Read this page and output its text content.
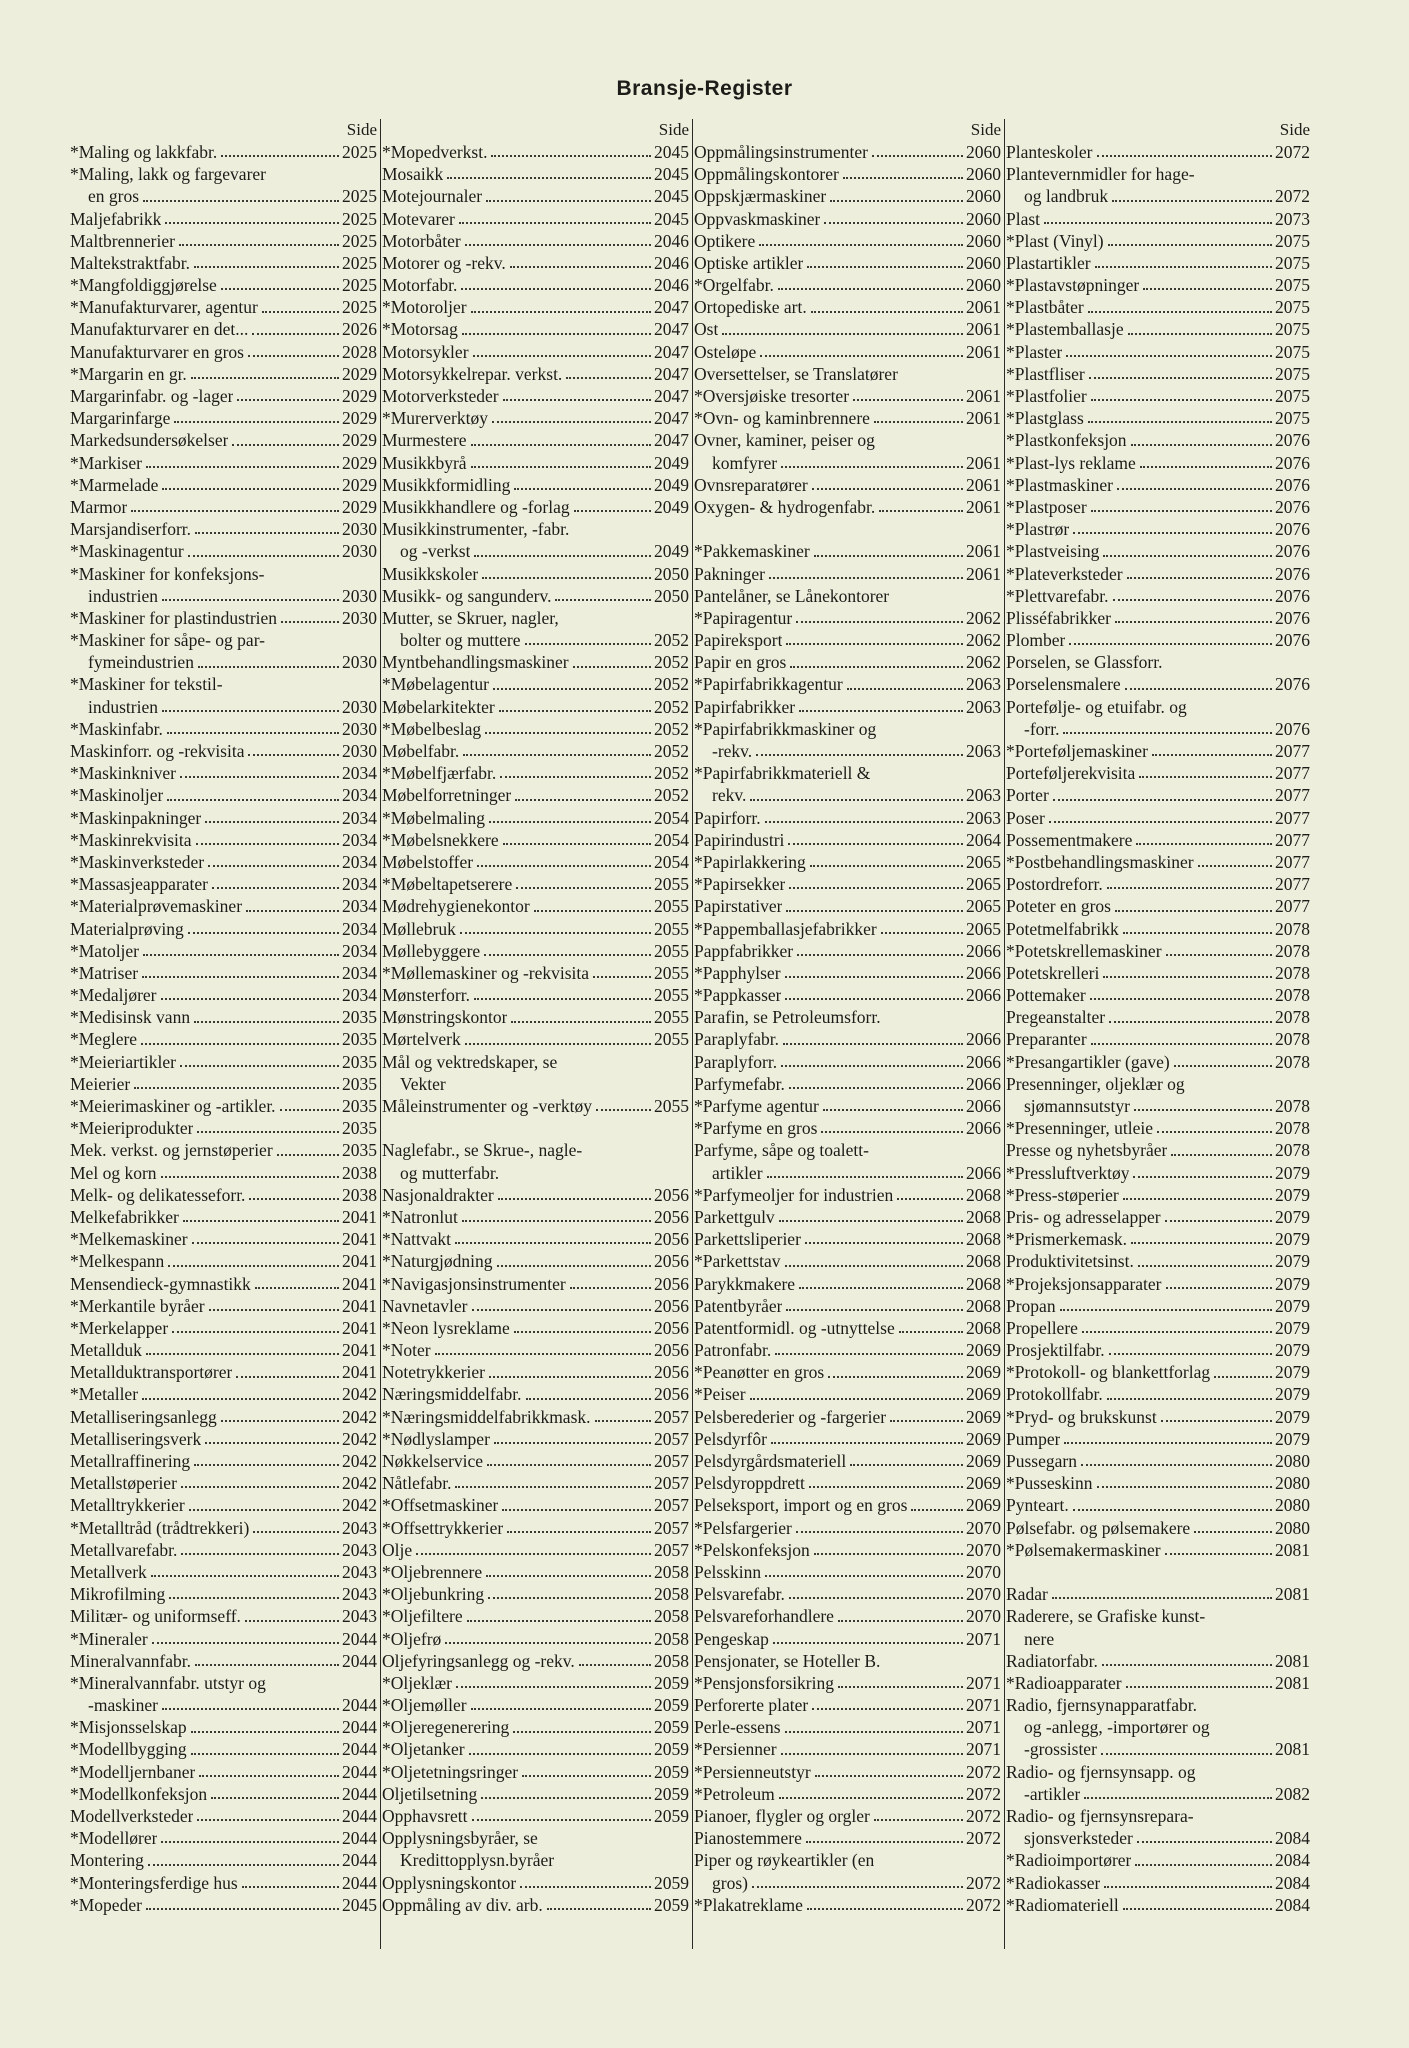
Bransje-Register
Side
*Maling og lakkfabr.	2025
*Maling, lakk og fargevarer
en gros	2025
Maljefabrikk	2025
Maltbrennerier	2025
Maltekstraktfabr.	2025
*Mangfoldiggjørelse	2025
*Manufakturvarer, agentur	2025
Manufakturvarer en det...	2026
Manufakturvarer en gros	2028
*Margarin en gr.	2029
Margarinfabr. og -lager	2029
Margarinfarge	2029
Markedsundersøkelser	2029
*Markiser	2029
*Marmelade	2029
Marmor	2029
Marsjandiserforr.	2030
*Maskinagentur	2030
*Maskiner for konfeksjons-
industrien	2030
*Maskiner for plastindustrien	2030
*Maskiner for såpe- og par-
fymeindustrien	2030
*Maskiner for tekstil-
industrien	2030
*Maskinfabr.	2030
Maskinforr. og -rekvisita	2030
*Maskinkniver	2034
*Maskinoljer	2034
*Maskinpakninger	2034
*Maskinrekvisita	2034
*Maskinverksteder	2034
*Massasjeapparater	2034
*Materialprøvemaskiner	2034
Materialprøving	2034
*Matoljer	2034
*Matriser	2034
*Medaljører	2034
*Medisinsk vann	2035
*Meglere	2035
*Meieriartikler	2035
Meierier	2035
*Meierimaskiner og -artikler.	2035
*Meieriprodukter	2035
Mek. verkst. og jernstøperier	2035
Mel og korn	2038
Melk- og delikatesseforr.	2038
Melkefabrikker	2041
*Melkemaskiner	2041
*Melkespann	2041
Mensendieck-gymnastikk	2041
*Merkantile byråer	2041
*Merkelapper	2041
Metallduk	2041
Metallduktransportører	2041
*Metaller	2042
Metalliseringsanlegg	2042
Metalliseringsverk	2042
Metallraffinering	2042
Metallstøperier	2042
Metalltrykkerier	2042
*Metalltråd (trådtrekkeri)	2043
Metallvarefabr.	2043
Metallverk	2043
Mikrofilming	2043
Militær- og uniformseff.	2043
*Mineraler	2044
Mineralvannfabr.	2044
*Mineralvannfabr. utstyr og
-maskiner	2044
*Misjonsselskap	2044
*Modellbygging	2044
*Modelljernbaner	2044
*Modellkonfeksjon	2044
Modellverksteder	2044
*Modellører	2044
Montering	2044
*Monteringsferdige hus	2044
*Mopeder	2045
Side
*Mopedverkst.	2045
Mosaikk	2045
Motejournaler	2045
Motevarer	2045
Motorbåter	2046
Motorer og -rekv.	2046
Motorfabr.	2046
*Motoroljer	2047
*Motorsag	2047
Motorsykler	2047
Motorsykkelrepar. verkst.	2047
Motorverksteder	2047
*Murerverktøy	2047
Murmestere	2047
Musikkbyrå	2049
Musikkformidling	2049
Musikkhandlere og -forlag	2049
Musikkinstrumenter, -fabr.
og -verkst	2049
Musikkskoler	2050
Musikk- og sangunderv.	2050
Mutter, se Skruer, nagler,
bolter og muttere	2052
Myntbehandlingsmaskiner	2052
*Møbelagentur	2052
Møbelarkitekter	2052
*Møbelbeslag	2052
Møbelfabr.	2052
*Møbelfjærfabr.	2052
Møbelforretninger	2052
*Møbelmaling	2054
*Møbelsnekkere	2054
Møbelstoffer	2054
*Møbeltapetserere	2055
Mødrehygienekontor	2055
Møllebruk	2055
Møllebyggere	2055
*Møllemaskiner og -rekvisita	2055
Mønsterforr.	2055
Mønstringskontor	2055
Mørtelverk	2055
Mål og vektredskaper, se
Vekter
Måleinstrumenter og -verktøy	2055
Naglefabr., se Skrue-, nagle-
og mutterfabr.
Nasjonaldrakter	2056
*Natronlut	2056
*Nattvakt	2056
*Naturgjødning	2056
*Navigasjonsinstrumenter	2056
Navnetavler	2056
*Neon lysreklame	2056
*Noter	2056
Notetrykkerier	2056
Næringsmiddelfabr.	2056
*Næringsmiddelfabrikkmask.	2057
*Nødlyslamper	2057
Nøkkelservice	2057
Nåtlefabr.	2057
*Offsetmaskiner	2057
*Offsettrykkerier	2057
Olje	2057
*Oljebrennere	2058
*Oljebunkring	2058
*Oljefiltere	2058
*Oljefrø	2058
Oljefyringsanlegg og -rekv.	2058
*Oljeklær	2059
*Oljemøller	2059
*Oljeregenerering	2059
*Oljetanker	2059
*Oljetetningsringer	2059
Oljetilsetning	2059
Opphavsrett	2059
Opplysningsbyråer, se
Kredittopplysn.byråer
Opplysningskontor	2059
Oppmåling av div. arb.	2059
Side
Oppmålingsinstrumenter	2060
Oppmålingskontorer	2060
Oppskjærmaskiner	2060
Oppvaskmaskiner	2060
Optikere	2060
Optiske artikler	2060
*Orgelfabr.	2060
Ortopediske art.	2061
Ost	2061
Osteløpe	2061
Oversettelser, se Translatører
*Oversjøiske tresorter	2061
*Ovn- og kaminbrennere	2061
Ovner, kaminer, peiser og
komfyrer	2061
Ovnsreparatører	2061
Oxygen- & hydrogenfabr.	2061
*Pakkemaskiner	2061
Pakninger	2061
Pantelåner, se Lånekontorer
*Papiragentur	2062
Papireksport	2062
Papir en gros	2062
*Papirfabrikkagentur	2063
Papirfabrikker	2063
*Papirfabrikkmaskiner og
-rekv.	2063
*Papirfabrikkmateriell &
rekv.	2063
Papirforr.	2063
Papirindustri	2064
*Papirlakkering	2065
*Papirsekker	2065
Papirstativer	2065
*Pappemballasjefabrikker	2065
Pappfabrikker	2066
*Papphylser	2066
*Pappkasser	2066
Parafin, se Petroleumsforr.
Paraplyfabr.	2066
Paraplyforr.	2066
Parfymefabr.	2066
*Parfyme agentur	2066
*Parfyme en gros	2066
Parfyme, såpe og toalett-
artikler	2066
*Parfymeoljer for industrien	2068
Parkettgulv	2068
Parkettsliperier	2068
*Parkettstav	2068
Parykkmakere	2068
Patentbyråer	2068
Patentformidl. og -utnyttelse	2068
Patronfabr.	2069
*Peanøtter en gros	2069
*Peiser	2069
Pelsberederier og -fargerier	2069
Pelsdyrfôr	2069
Pelsdyrgårdsmateriell	2069
Pelsdyroppdrett	2069
Pelseksport, import og en gros	2069
*Pelsfargerier	2070
*Pelskonfeksjon	2070
Pelsskinn	2070
Pelsvarefabr.	2070
Pelsvareforhandlere	2070
Pengeskap	2071
Pensjonater, se Hoteller B.
*Pensjonsforsikring	2071
Perforerte plater	2071
Perle-essens	2071
*Persienner	2071
*Persienneutstyr	2072
*Petroleum	2072
Pianoer, flygler og orgler	2072
Pianostemmere	2072
Piper og røykeartikler (en
gros)	2072
*Plakatreklame	2072
Side
Planteskoler	2072
Plantevernmidler for hage-
og landbruk	2072
Plast	2073
*Plast (Vinyl)	2075
Plastartikler	2075
*Plastavstøpninger	2075
*Plastbåter	2075
*Plastemballasje	2075
*Plaster	2075
*Plastfliser	2075
*Plastfolier	2075
*Plastglass	2075
*Plastkonfeksjon	2076
*Plast-lys reklame	2076
*Plastmaskiner	2076
*Plastposer	2076
*Plastrør	2076
*Plastveising	2076
*Plateverksteder	2076
*Plettvarefabr.	2076
Plisséfabrikker	2076
Plomber	2076
Porselen, se Glassforr.
Porselensmalere	2076
Portefølje- og etuifabr. og
-forr.	2076
*Porteføljemaskiner	2077
Porteføljerekvisita	2077
Porter	2077
Poser	2077
Possementmakere	2077
*Postbehandlingsmaskiner	2077
Postordreforr.	2077
Poteter en gros	2077
Potetmelfabrikk	2078
*Potetskrellemaskiner	2078
Potetskrelleri	2078
Pottemaker	2078
Pregeanstalter	2078
Preparanter	2078
*Presangartikler (gave)	2078
Presenninger, oljeklær og
sjømannsutstyr	2078
*Presenninger, utleie	2078
Presse og nyhetsbyråer	2078
*Pressluftverktøy	2079
*Press-støperier	2079
Pris- og adresselapper	2079
*Prismerkemask.	2079
Produktivitetsinst.	2079
*Projeksjonsapparater	2079
Propan	2079
Propellere	2079
Prosjektilfabr.	2079
*Protokoll- og blankettforlag	2079
Protokollfabr.	2079
*Pryd- og brukskunst	2079
Pumper	2079
Pussegarn	2080
*Pusseskinn	2080
Pynteart.	2080
Pølsefabr. og pølsemakere	2080
*Pølsemakermaskiner	2081
Radar	2081
Raderere, se Grafiske kunst-
nere
Radiatorfabr.	2081
*Radioapparater	2081
Radio, fjernsynapparatfabr.
og -anlegg, -importører og
-grossister	2081
Radio- og fjernsynsapp. og
-artikler	2082
Radio- og fjernsynsrepara-
sjonsverksteder	2084
*Radioimportører	2084
*Radiokasser	2084
*Radiomateriell	2084
